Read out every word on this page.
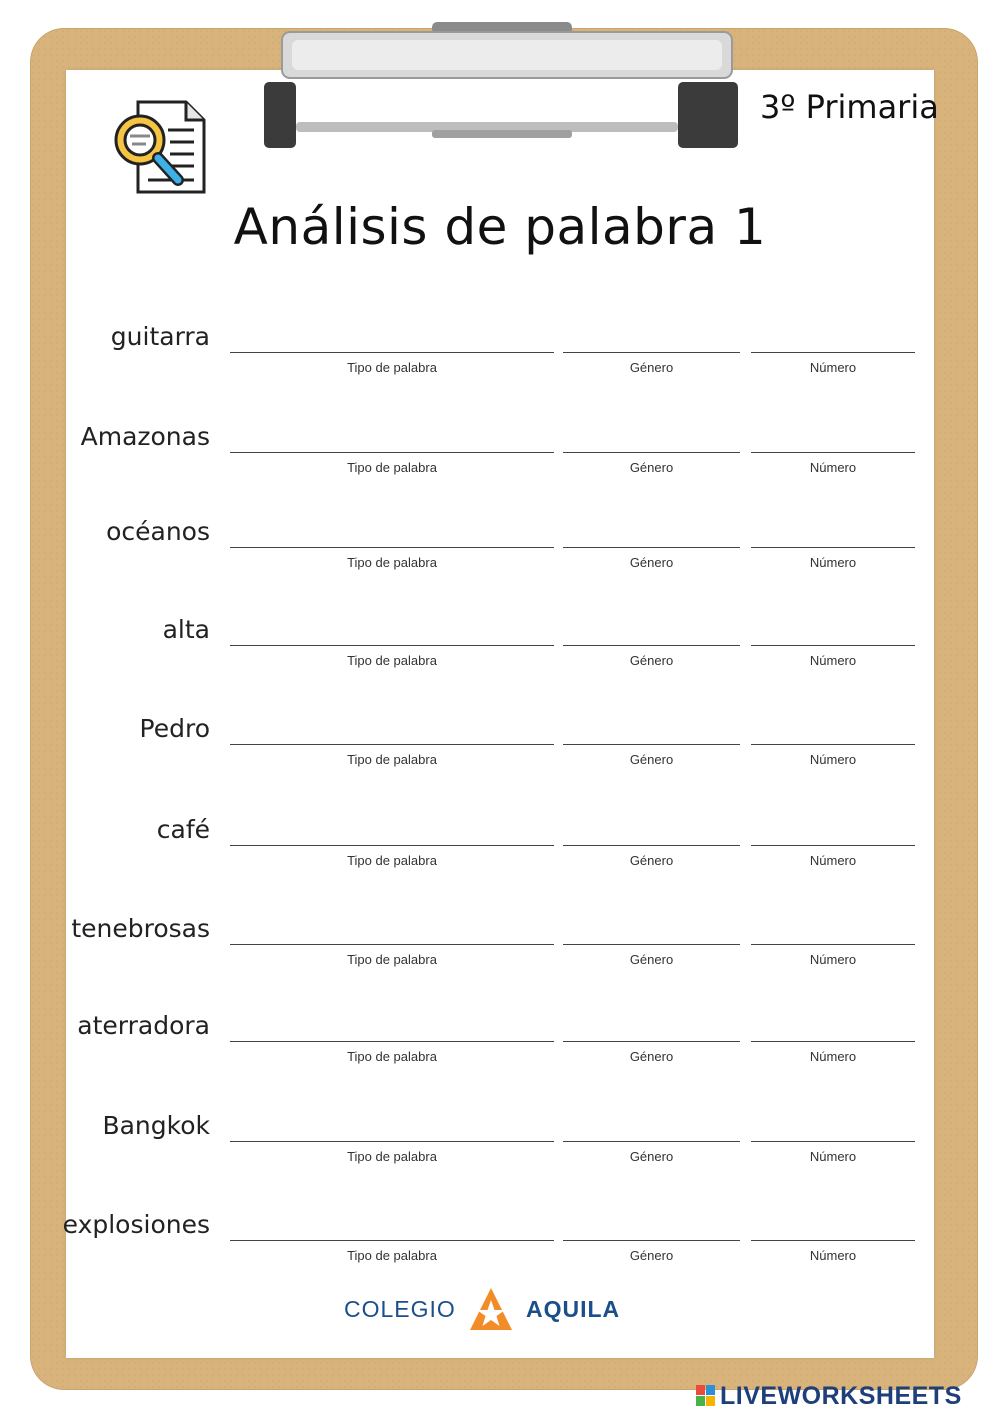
3º Primaria
Análisis de palabra 1
guitarra
Tipo de palabra	Género	Número
Amazonas
Tipo de palabra	Género	Número
océanos
Tipo de palabra	Género	Número
alta
Tipo de palabra	Género	Número
Pedro
Tipo de palabra	Género	Número
café
Tipo de palabra	Género	Número
tenebrosas
Tipo de palabra	Género	Número
aterradora
Tipo de palabra	Género	Número
Bangkok
Tipo de palabra	Género	Número
explosiones
Tipo de palabra	Género	Número
COLEGIO	AQUILA
LIVEWORKSHEETS
